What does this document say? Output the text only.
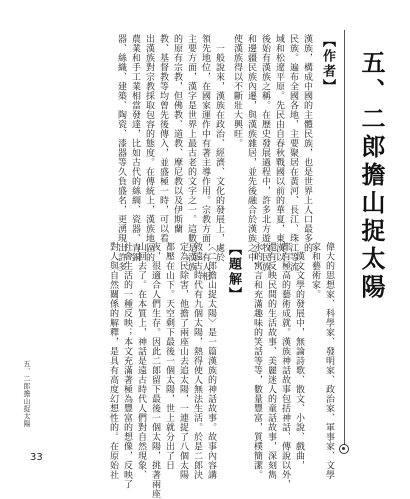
五、二郎擔山捉太陽
【作者】
漢族，構成中國的主體民族，也是世界上人口最多的
民族。遍布全國各地，主要聚居在黃河、長江、珠江等流
域和松遼平原。先民由自春秋戰國以前的華夏，東漢以
後始有漢族之稱。在歷史發展過程中，許多北方遊牧民族
和邊疆民族內遷，與漢族雜居，並先後融合於漢族之中，
使漢族得以不斷壯大興旺。
　一般說來，漢族在政治、經濟、文化的發展上，處於
領先地位，在國家運作中有著主導作用。宗教方面，有人相
主要方面，漢字是世界上最古老的文字之一。這數是漢族
的原有宗教，但佛教、道教、摩尼教以及伊斯蘭
教、基督教等均曾先後傳入，並盛極一時，可以看
出漢族對宗教採取包容的態度。在傳統上，漢族地區的
農業和手工業相當發達，比如古代的絲綢、瓷器、青銅
器、絲織、建築、陶瓷、漆器等久負盛名，更湧現出許多
偉大的思想家、科學家、發明家、政治家、軍事家、文學
家和藝術家。
　漢文文學的發展中，無論詩歌、散文、小說、戲曲，
都有極高的藝術成就。漢族神話故事包括神話、傳說以外，
還有反映民間的生活故事、美麗迷人的童話故事，深刻雋
永的寓言和充滿趣味的笑話等等，數量豐富，質樸簡潔。
【題解】
〈二郎擔山捉太陽〉是一篇漢族的神話故事。故事內容講
敘遠古時代有九個太陽，熱得使人無法生活。於是二郎決
定為民除害，他擔了兩座山去追太陽，一連捉了八個太陽
都壓在山下。天空剩下最後一個太陽，世上就分出了日
夜，很適合人們生存。因此二郎留下最後一個太陽，挑著兩座
山回去了。在本質上，神話是遠古時代人們對自然現象、
社會生活的一種反映；本文充滿著極為豐富的想像，反映了
對人與自然關係的解釋，是具有高度幻想性的。在原始社
五、二郎擔山捉太陽
33
